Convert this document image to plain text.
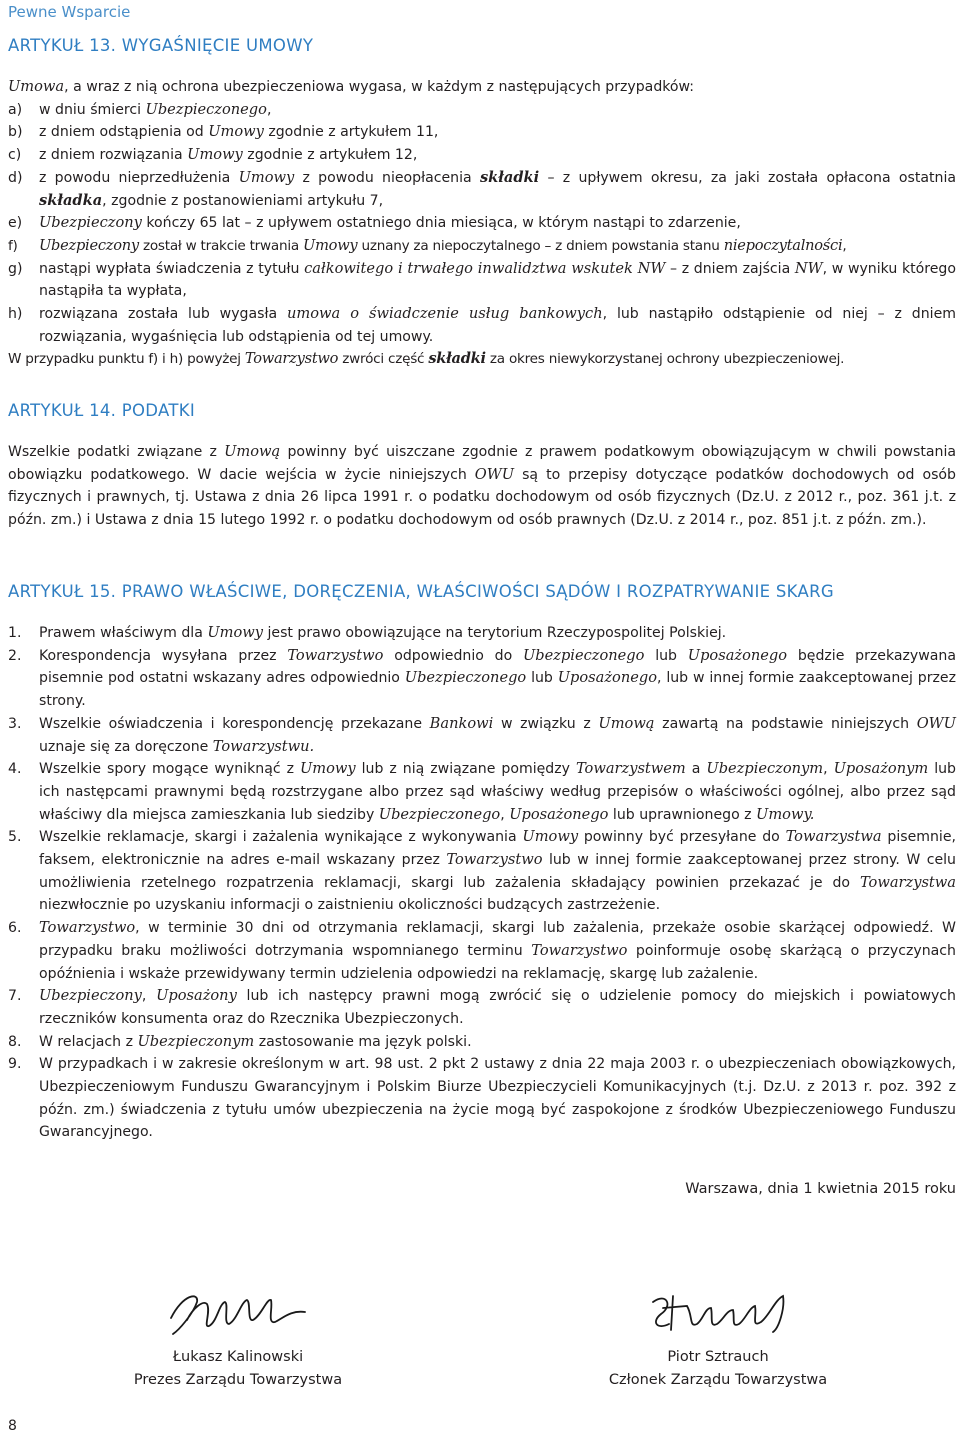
Pewne Wsparcie
ARTYKUŁ 13. WYGAŚNIĘCIE UMOWY

Umowa, a wraz z nią ochrona ubezpieczeniowa wygasa, w każdym z następujących przypadków:

a) w dniu śmierci Ubezpieczonego,
b) z dniem odstąpienia od Umowy zgodnie z artykułem 11,
c) z dniem rozwiązania Umowy zgodnie z artykułem 12,
d) z powodu nieprzedłużenia Umowy z powodu nieopłacenia składki – z upływem okresu, za jaki została opłacona ostatnia składka, zgodnie z postanowieniami artykułu 7,
e) Ubezpieczony kończy 65 lat – z upływem ostatniego dnia miesiąca, w którym nastąpi to zdarzenie,
f) Ubezpieczony został w trakcie trwania Umowy uznany za niepoczytalnego – z dniem powstania stanu niepoczytalności,
g) nastąpi wypłata świadczenia z tytułu całkowitego i trwałego inwalidztwa wskutek NW – z dniem zajścia NW, w wyniku którego nastąpiła ta wypłata,
h) rozwiązana została lub wygasła umowa o świadczenie usług bankowych, lub nastąpiło odstąpienie od niej – z dniem rozwiązania, wygaśnięcia lub odstąpienia od tej umowy.

W przypadku punktu f) i h) powyżej Towarzystwo zwróci część składki za okres niewykorzystanej ochrony ubezpieczeniowej.

ARTYKUŁ 14. PODATKI

Wszelkie podatki związane z Umową powinny być uiszczane zgodnie z prawem podatkowym obowiązującym w chwili powstania obowiązku podatkowego. W dacie wejścia w życie niniejszych OWU są to przepisy dotyczące podatków dochodowych od osób fizycznych i prawnych, tj. Ustawa z dnia 26 lipca 1991 r. o podatku dochodowym od osób fizycznych (Dz.U. z 2012 r., poz. 361 j.t. z późn. zm.) i Ustawa z dnia 15 lutego 1992 r. o podatku dochodowym od osób prawnych (Dz.U. z 2014 r., poz. 851 j.t. z późn. zm.).

ARTYKUŁ 15. PRAWO WŁAŚCIWE, DORĘCZENIA, WŁAŚCIWOŚCI SĄDÓW I ROZPATRYWANIE SKARG
1. Prawem właściwym dla Umowy jest prawo obowiązujące na terytorium Rzeczypospolitej Polskiej.
2. Korespondencja wysyłana przez Towarzystwo odpowiednio do Ubezpieczonego lub Uposażonego będzie przekazywana pisemnie pod ostatni wskazany adres odpowiednio Ubezpieczonego lub Uposażonego, lub w innej formie zaakceptowanej przez strony.
3. Wszelkie oświadczenia i korespondencję przekazane Bankowi w związku z Umową zawartą na podstawie niniejszych OWU uznaje się za doręczone Towarzystwu.
4. Wszelkie spory mogące wyniknąć z Umowy lub z nią związane pomiędzy Towarzystwem a Ubezpieczonym, Uposażonym lub ich następcami prawnymi będą rozstrzygane albo przez sąd właściwy według przepisów o właściwości ogólnej, albo przez sąd właściwy dla miejsca zamieszkania lub siedziby Ubezpieczonego, Uposażonego lub uprawnionego z Umowy.
5. Wszelkie reklamacje, skargi i zażalenia wynikające z wykonywania Umowy powinny być przesyłane do Towarzystwa pisemnie, faksem, elektronicznie na adres e-mail wskazany przez Towarzystwo lub w innej formie zaakceptowanej przez strony. W celu umożliwienia rzetelnego rozpatrzenia reklamacji, skargi lub zażalenia składający powinien przekazać je do Towarzystwa niezwłocznie po uzyskaniu informacji o zaistnieniu okoliczności budzących zastrzeżenie.
6. Towarzystwo, w terminie 30 dni od otrzymania reklamacji, skargi lub zażalenia, przekaże osobie skarżącej odpowiedź. W przypadku braku możliwości dotrzymania wspomnianego terminu Towarzystwo poinformuje osobę skarżącą o przyczynach opóźnienia i wskaże przewidywany termin udzielenia odpowiedzi na reklamację, skargę lub zażalenie.
7. Ubezpieczony, Uposażony lub ich następcy prawni mogą zwrócić się o udzielenie pomocy do miejskich i powiatowych rzeczników konsumenta oraz do Rzecznika Ubezpieczonych.
8. W relacjach z Ubezpieczonym zastosowanie ma język polski.
9. W przypadkach i w zakresie określonym w art. 98 ust. 2 pkt 2 ustawy z dnia 22 maja 2003 r. o ubezpieczeniach obowiązkowych, Ubezpieczeniowym Funduszu Gwarancyjnym i Polskim Biurze Ubezpieczycieli Komunikacyjnych (t.j. Dz.U. z 2013 r. poz. 392 z późn. zm.) świadczenia z tytułu umów ubezpieczenia na życie mogą być zaspokojone z środków Ubezpieczeniowego Funduszu Gwarancyjnego.
Warszawa, dnia 1 kwietnia 2015 roku
Łukasz Kalinowski
Prezes Zarządu Towarzystwa
Piotr Sztrauch
Członek Zarządu Towarzystwa
8
